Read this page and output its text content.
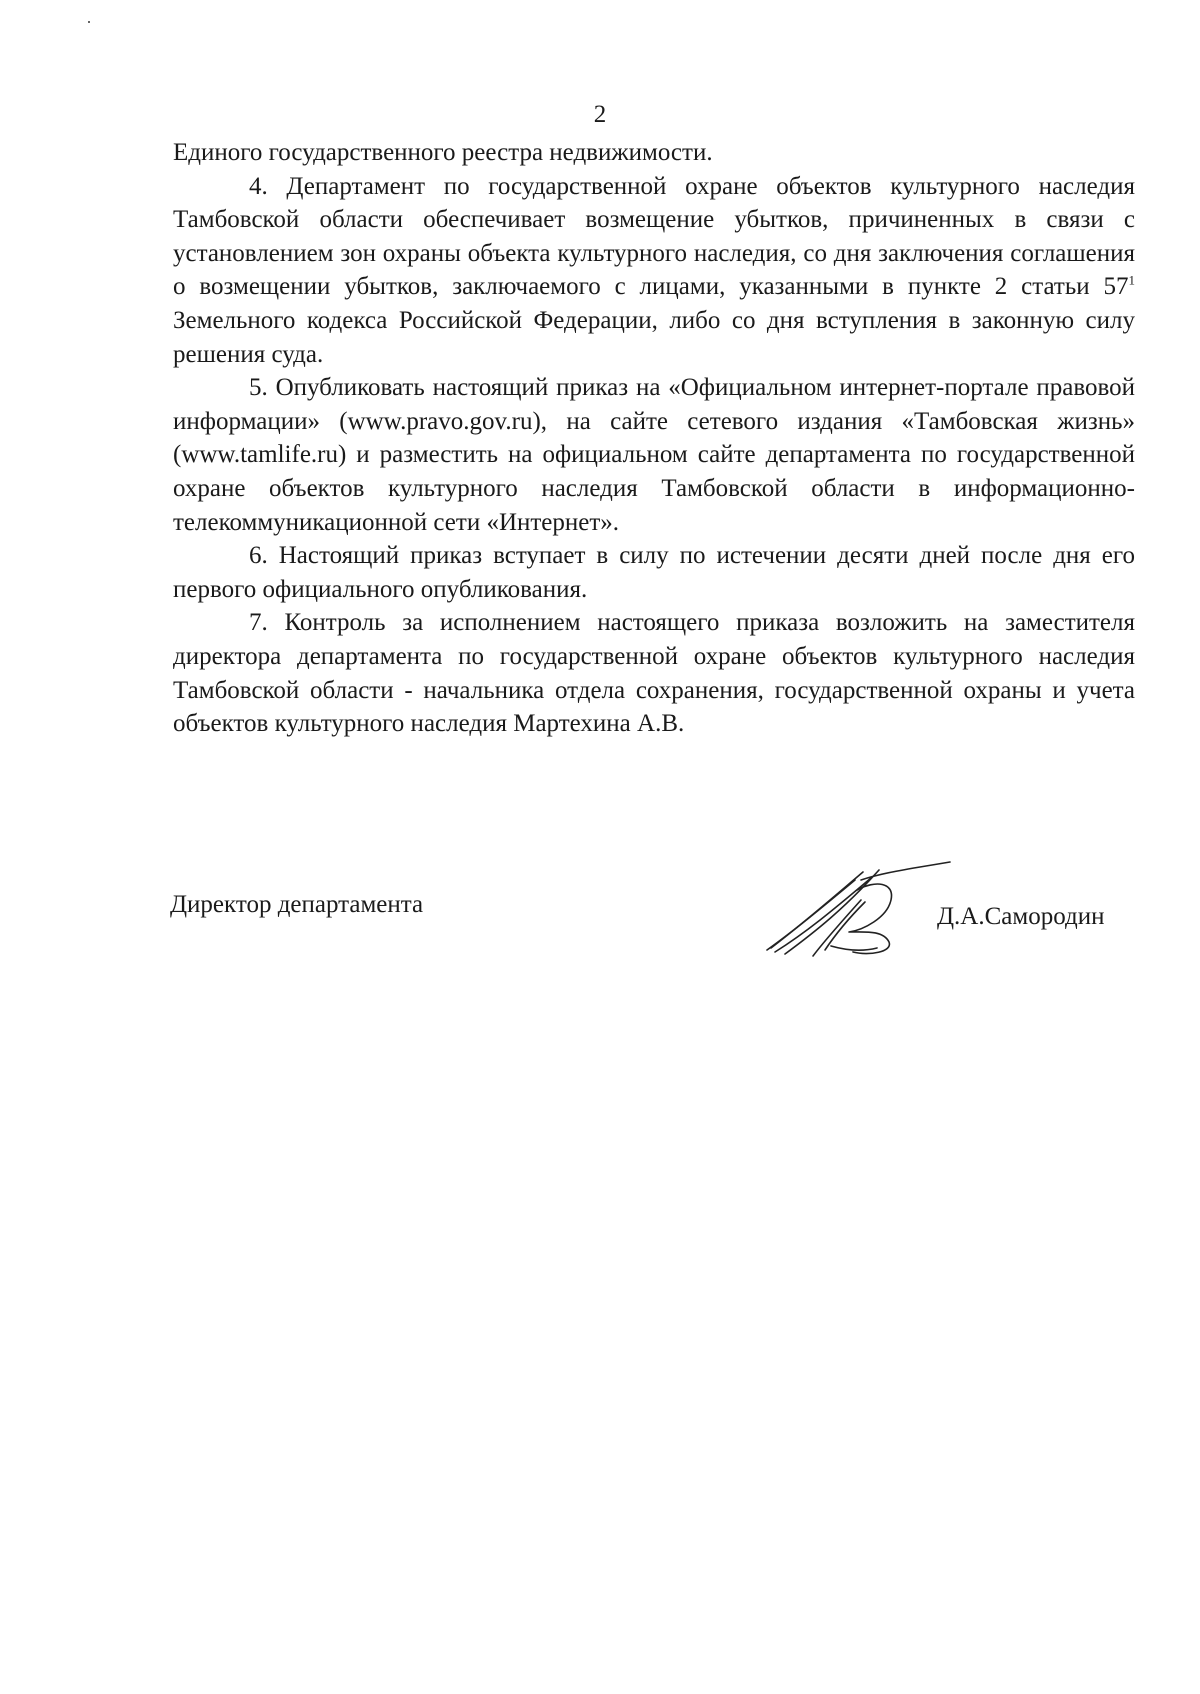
2

Единого государственного реестра недвижимости.

4. Департамент по государственной охране объектов культурного наследия Тамбовской области обеспечивает возмещение убытков, причиненных в связи с установлением зон охраны объекта культурного наследия, со дня заключения соглашения о возмещении убытков, заключаемого с лицами, указанными в пункте 2 статьи $57^1$ Земельного кодекса Российской Федерации, либо со дня вступления в законную силу решения суда.

5. Опубликовать настоящий приказ на «Официальном интернет-портале правовой информации» (www.pravo.gov.ru), на сайте сетевого издания «Тамбовская жизнь» (www.tamlife.ru) и разместить на официальном сайте департамента по государственной охране объектов культурного наследия Тамбовской области в информационно-телекоммуникационной сети «Интернет».

6. Настоящий приказ вступает в силу по истечении десяти дней после дня его первого официального опубликования.

7. Контроль за исполнением настоящего приказа возложить на заместителя директора департамента по государственной охране объектов культурного наследия Тамбовской области - начальника отдела сохранения, государственной охраны и учета объектов культурного наследия Мартехина А.В.

Директор департамента	Д.А.Самородин
